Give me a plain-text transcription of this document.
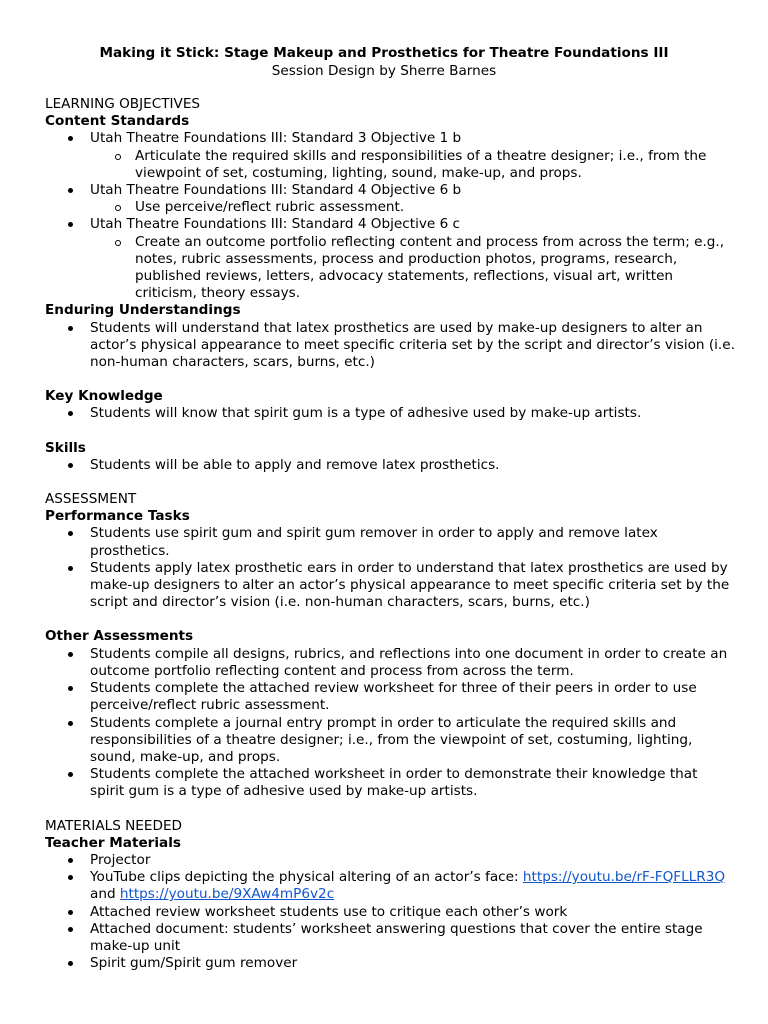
Making it Stick: Stage Makeup and Prosthetics for Theatre Foundations III
Session Design by Sherre Barnes
LEARNING OBJECTIVES
Content Standards
Utah Theatre Foundations III: Standard 3 Objective 1 b
Articulate the required skills and responsibilities of a theatre designer; i.e., from the viewpoint of set, costuming, lighting, sound, make-up, and props.
Utah Theatre Foundations III: Standard 4 Objective 6 b
Use perceive/reflect rubric assessment.
Utah Theatre Foundations III: Standard 4 Objective 6 c
Create an outcome portfolio reflecting content and process from across the term; e.g., notes, rubric assessments, process and production photos, programs, research, published reviews, letters, advocacy statements, reflections, visual art, written criticism, theory essays.
Enduring Understandings
Students will understand that latex prosthetics are used by make-up designers to alter an actor’s physical appearance to meet specific criteria set by the script and director’s vision (i.e. non-human characters, scars, burns, etc.)
Key Knowledge
Students will know that spirit gum is a type of adhesive used by make-up artists.
Skills
Students will be able to apply and remove latex prosthetics.
ASSESSMENT
Performance Tasks
Students use spirit gum and spirit gum remover in order to apply and remove latex prosthetics.
Students apply latex prosthetic ears in order to understand that latex prosthetics are used by make-up designers to alter an actor’s physical appearance to meet specific criteria set by the script and director’s vision (i.e. non-human characters, scars, burns, etc.)
Other Assessments
Students compile all designs, rubrics, and reflections into one document in order to create an outcome portfolio reflecting content and process from across the term.
Students complete the attached review worksheet for three of their peers in order to use perceive/reflect rubric assessment.
Students complete a journal entry prompt in order to articulate the required skills and responsibilities of a theatre designer; i.e., from the viewpoint of set, costuming, lighting, sound, make-up, and props.
Students complete the attached worksheet in order to demonstrate their knowledge that spirit gum is a type of adhesive used by make-up artists.
MATERIALS NEEDED
Teacher Materials
Projector
YouTube clips depicting the physical altering of an actor’s face: https://youtu.be/rF-FQFLLR3Q and https://youtu.be/9XAw4mP6v2c
Attached review worksheet students use to critique each other’s work
Attached document: students’ worksheet answering questions that cover the entire stage make-up unit
Spirit gum/Spirit gum remover
